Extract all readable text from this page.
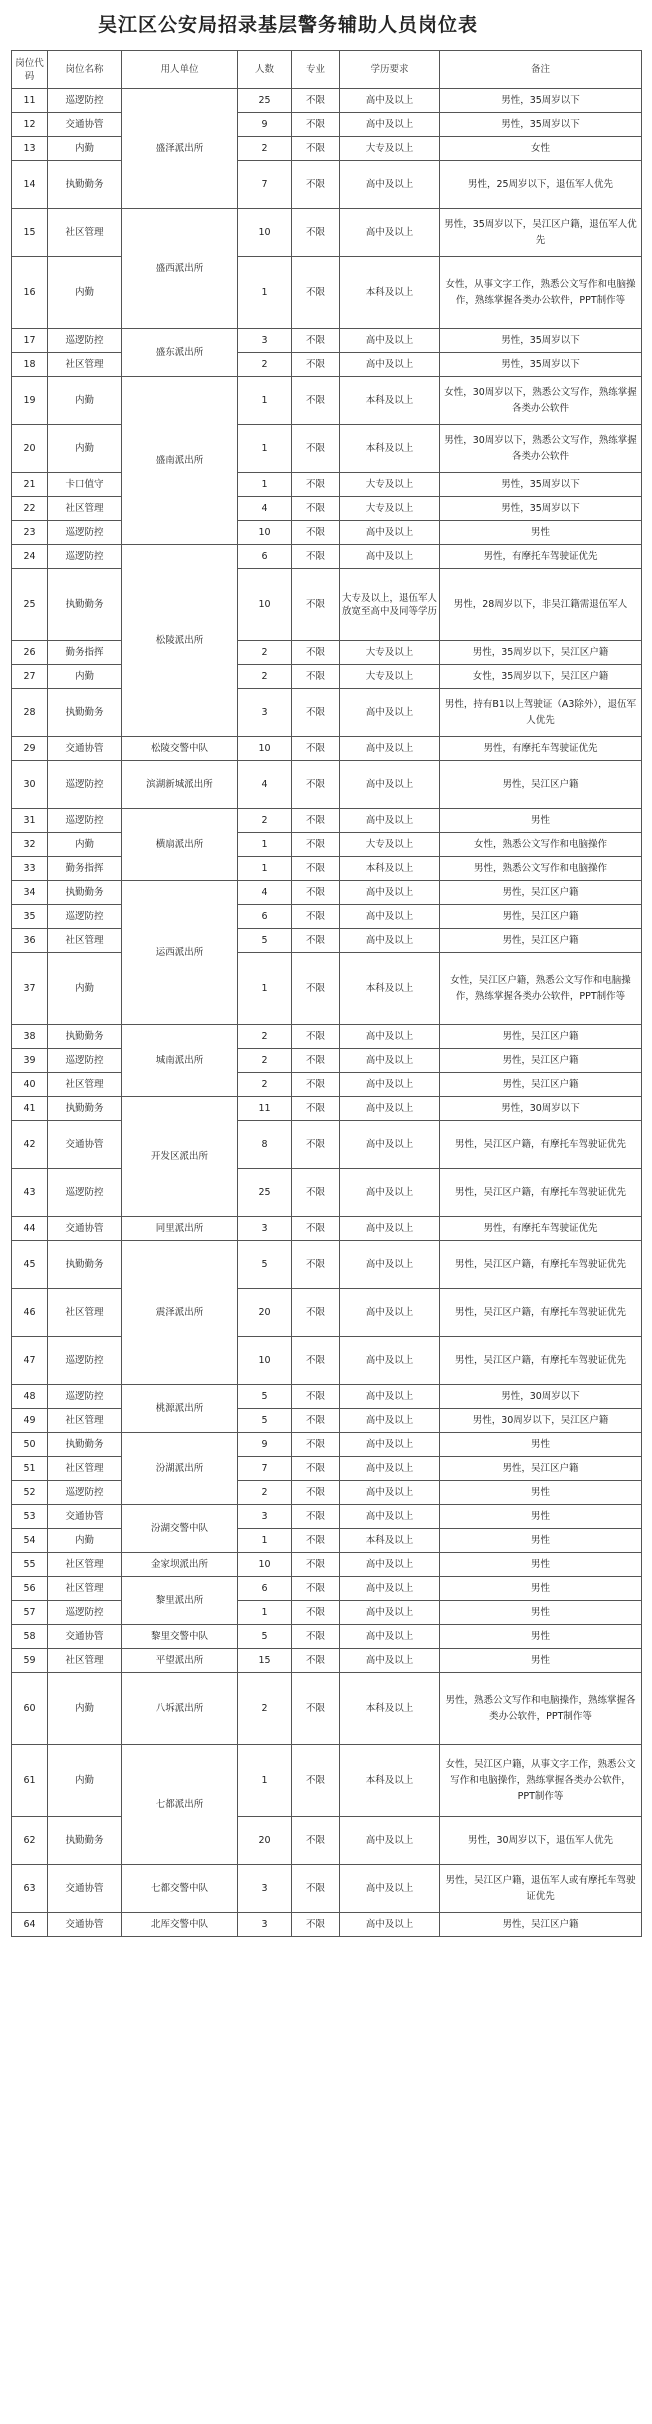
吴江区公安局招录基层警务辅助人员岗位表
岗位代码	岗位名称	用人单位	人数	专业	学历要求	备注
11	巡逻防控	盛泽派出所	25	不限	高中及以上	男性，35周岁以下
12	交通协管		9	不限	高中及以上	男性，35周岁以下
13	内勤		2	不限	大专及以上	女性
14	执勤勤务		7	不限	高中及以上	男性，25周岁以下，退伍军人优先
15	社区管理	盛西派出所	10	不限	高中及以上	男性，35周岁以下，吴江区户籍，退伍军人优先
16	内勤		1	不限	本科及以上	女性，从事文字工作，熟悉公文写作和电脑操作，熟练掌握各类办公软件，PPT制作等
17	巡逻防控	盛东派出所	3	不限	高中及以上	男性，35周岁以下
18	社区管理		2	不限	高中及以上	男性，35周岁以下
19	内勤	盛南派出所	1	不限	本科及以上	女性，30周岁以下，熟悉公文写作，熟练掌握各类办公软件
20	内勤		1	不限	本科及以上	男性，30周岁以下，熟悉公文写作，熟练掌握各类办公软件
21	卡口值守		1	不限	大专及以上	男性，35周岁以下
22	社区管理		4	不限	大专及以上	男性，35周岁以下
23	巡逻防控		10	不限	高中及以上	男性
24	巡逻防控	松陵派出所	6	不限	高中及以上	男性，有摩托车驾驶证优先
25	执勤勤务		10	不限	大专及以上，退伍军人放宽至高中及同等学历	男性，28周岁以下，非吴江籍需退伍军人
26	勤务指挥		2	不限	大专及以上	男性，35周岁以下，吴江区户籍
27	内勤		2	不限	大专及以上	女性，35周岁以下，吴江区户籍
28	执勤勤务		3	不限	高中及以上	男性，持有B1以上驾驶证（A3除外），退伍军人优先
29	交通协管	松陵交警中队	10	不限	高中及以上	男性，有摩托车驾驶证优先
30	巡逻防控	滨湖新城派出所	4	不限	高中及以上	男性，吴江区户籍
31	巡逻防控	横扇派出所	2	不限	高中及以上	男性
32	内勤		1	不限	大专及以上	女性，熟悉公文写作和电脑操作
33	勤务指挥		1	不限	本科及以上	男性，熟悉公文写作和电脑操作
34	执勤勤务	运西派出所	4	不限	高中及以上	男性，吴江区户籍
35	巡逻防控		6	不限	高中及以上	男性，吴江区户籍
36	社区管理		5	不限	高中及以上	男性，吴江区户籍
37	内勤		1	不限	本科及以上	女性，吴江区户籍，熟悉公文写作和电脑操作，熟练掌握各类办公软件，PPT制作等
38	执勤勤务	城南派出所	2	不限	高中及以上	男性，吴江区户籍
39	巡逻防控		2	不限	高中及以上	男性，吴江区户籍
40	社区管理		2	不限	高中及以上	男性，吴江区户籍
41	执勤勤务	开发区派出所	11	不限	高中及以上	男性，30周岁以下
42	交通协管		8	不限	高中及以上	男性，吴江区户籍，有摩托车驾驶证优先
43	巡逻防控		25	不限	高中及以上	男性，吴江区户籍，有摩托车驾驶证优先
44	交通协管	同里派出所	3	不限	高中及以上	男性，有摩托车驾驶证优先
45	执勤勤务	震泽派出所	5	不限	高中及以上	男性，吴江区户籍，有摩托车驾驶证优先
46	社区管理		20	不限	高中及以上	男性，吴江区户籍，有摩托车驾驶证优先
47	巡逻防控		10	不限	高中及以上	男性，吴江区户籍，有摩托车驾驶证优先
48	巡逻防控	桃源派出所	5	不限	高中及以上	男性，30周岁以下
49	社区管理		5	不限	高中及以上	男性，30周岁以下，吴江区户籍
50	执勤勤务	汾湖派出所	9	不限	高中及以上	男性
51	社区管理		7	不限	高中及以上	男性，吴江区户籍
52	巡逻防控		2	不限	高中及以上	男性
53	交通协管	汾湖交警中队	3	不限	高中及以上	男性
54	内勤		1	不限	本科及以上	男性
55	社区管理	金家坝派出所	10	不限	高中及以上	男性
56	社区管理	黎里派出所	6	不限	高中及以上	男性
57	巡逻防控		1	不限	高中及以上	男性
58	交通协管	黎里交警中队	5	不限	高中及以上	男性
59	社区管理	平望派出所	15	不限	高中及以上	男性
60	内勤	八坼派出所	2	不限	本科及以上	男性，熟悉公文写作和电脑操作，熟练掌握各类办公软件，PPT制作等
61	内勤	七都派出所	1	不限	本科及以上	女性，吴江区户籍，从事文字工作，熟悉公文写作和电脑操作，熟练掌握各类办公软件，PPT制作等
62	执勤勤务		20	不限	高中及以上	男性，30周岁以下，退伍军人优先
63	交通协管	七都交警中队	3	不限	高中及以上	男性，吴江区户籍，退伍军人或有摩托车驾驶证优先
64	交通协管	北厍交警中队	3	不限	高中及以上	男性，吴江区户籍
